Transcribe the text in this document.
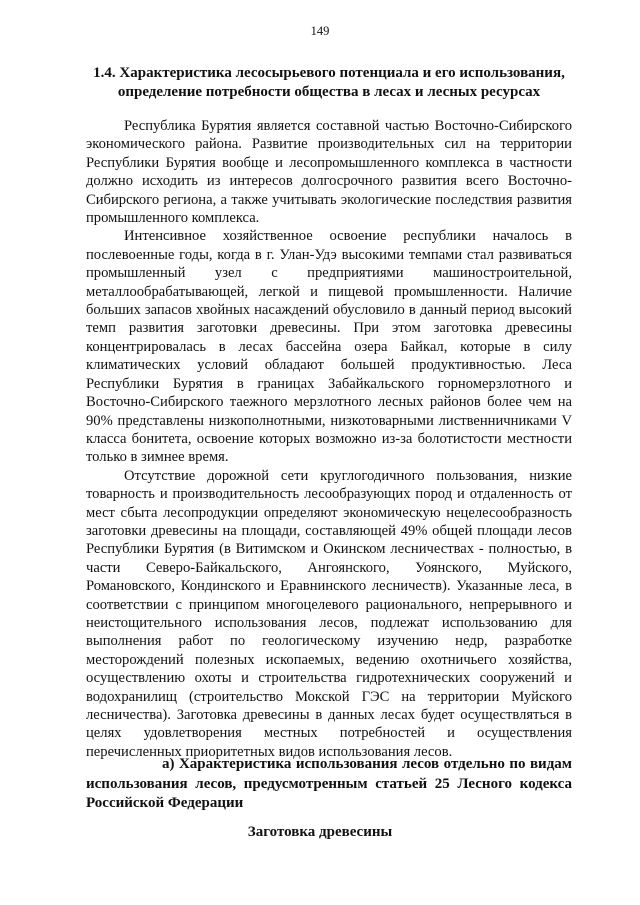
149
1.4. Характеристика лесосырьевого потенциала и его использования, определение потребности общества в лесах и лесных ресурсах

Республика Бурятия является составной частью Восточно-Сибирского экономического района. Развитие производительных сил на территории Республики Бурятия вообще и лесопромышленного комплекса в частности должно исходить из интересов долгосрочного развития всего Восточно-Сибирского региона, а также учитывать экологические последствия развития промышленного комплекса.

Интенсивное хозяйственное освоение республики началось в послевоенные годы, когда в г. Улан-Удэ высокими темпами стал развиваться промышленный узел с предприятиями машиностроительной, металлообрабатывающей, легкой и пищевой промышленности. Наличие больших запасов хвойных насаждений обусловило в данный период высокий темп развития заготовки древесины. При этом заготовка древесины концентрировалась в лесах бассейна озера Байкал, которые в силу климатических условий обладают большей продуктивностью. Леса Республики Бурятия в границах Забайкальского горномерзлотного и Восточно-Сибирского таежного мерзлотного лесных районов более чем на 90% представлены низкополнотными, низкотоварными лиственничниками V класса бонитета, освоение которых возможно из-за болотистости местности только в зимнее время.

Отсутствие дорожной сети круглогодичного пользования, низкие товарность и производительность лесообразующих пород и отдаленность от мест сбыта лесопродукции определяют экономическую нецелесообразность заготовки древесины на площади, составляющей 49% общей площади лесов Республики Бурятия (в Витимском и Окинском лесничествах - полностью, в части Северо-Байкальского, Ангоянского, Уоянского, Муйского, Романовского, Кондинского и Еравнинского лесничеств). Указанные леса, в соответствии с принципом многоцелевого рационального, непрерывного и неистощительного использования лесов, подлежат использованию для выполнения работ по геологическому изучению недр, разработке месторождений полезных ископаемых, ведению охотничьего хозяйства, осуществлению охоты и строительства гидротехнических сооружений и водохранилищ (строительство Мокской ГЭС на территории Муйского лесничества). Заготовка древесины в данных лесах будет осуществляться в целях удовлетворения местных потребностей и осуществления перечисленных приоритетных видов использования лесов.

а) Характеристика использования лесов отдельно по видам использования лесов, предусмотренным статьей 25 Лесного кодекса Российской Федерации
Заготовка древесины
